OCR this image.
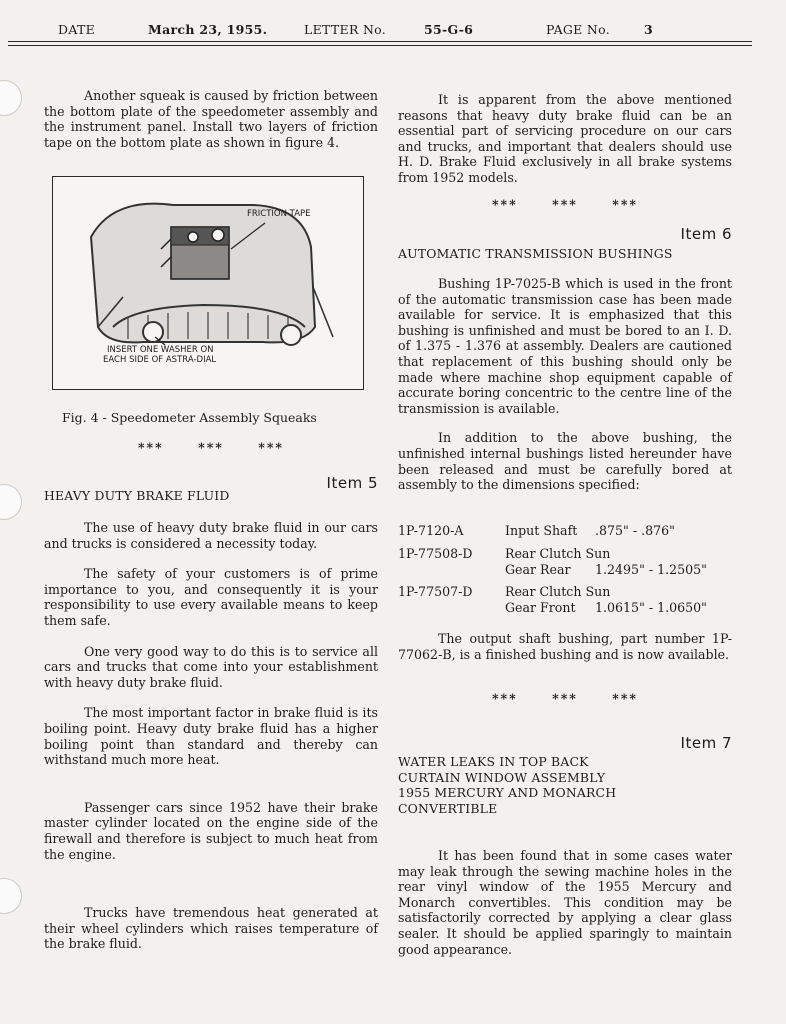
DATE	March 23, 1955.	LETTER No.	55-G-6	PAGE No.	3

Another squeak is caused by friction between the bottom plate of the speedometer assembly and the instrument panel. Install two layers of friction tape on the bottom plate as shown in figure 4.

FRICTION TAPE
INSERT ONE WASHER ON
EACH SIDE OF ASTRA-DIAL
Fig. 4 - Speedometer Assembly Squeaks
*** *** ***
Item 5
HEAVY DUTY BRAKE FLUID

The use of heavy duty brake fluid in our cars and trucks is considered a necessity today.

The safety of your customers is of prime importance to you, and consequently it is your responsibility to use every available means to keep them safe.

One very good way to do this is to service all cars and trucks that come into your establishment with heavy duty brake fluid.

The most important factor in brake fluid is its boiling point. Heavy duty brake fluid has a higher boiling point than standard and thereby can withstand much more heat.

Passenger cars since 1952 have their brake master cylinder located on the engine side of the firewall and therefore is subject to much heat from the engine.

Trucks have tremendous heat generated at their wheel cylinders which raises temperature of the brake fluid.

It is apparent from the above mentioned reasons that heavy duty brake fluid can be an essential part of servicing procedure on our cars and trucks, and important that dealers should use H. D. Brake Fluid exclusively in all brake systems from 1952 models.

*** *** ***
Item 6
AUTOMATIC TRANSMISSION BUSHINGS

Bushing 1P-7025-B which is used in the front of the automatic transmission case has been made available for service. It is emphasized that this bushing is unfinished and must be bored to an I. D. of 1.375 - 1.376 at assembly. Dealers are cautioned that replacement of this bushing should only be made where machine shop equipment capable of accurate boring concentric to the centre line of the transmission is available.

In addition to the above bushing, the unfinished internal bushings listed hereunder have been released and must be carefully bored at assembly to the dimensions specified:

1P-7120-A	Input Shaft .875" - .876"
1P-77508-D	Rear Clutch Sun
Gear Rear 1.2495" - 1.2505"
1P-77507-D	Rear Clutch Sun
Gear Front 1.0615" - 1.0650"

The output shaft bushing, part number 1P-77062-B, is a finished bushing and is now available.

*** *** ***
Item 7
WATER LEAKS IN TOP BACK
CURTAIN WINDOW ASSEMBLY
1955 MERCURY AND MONARCH
CONVERTIBLE

It has been found that in some cases water may leak through the sewing machine holes in the rear vinyl window of the 1955 Mercury and Monarch convertibles. This condition may be satisfactorily corrected by applying a clear glass sealer. It should be applied sparingly to maintain good appearance.
